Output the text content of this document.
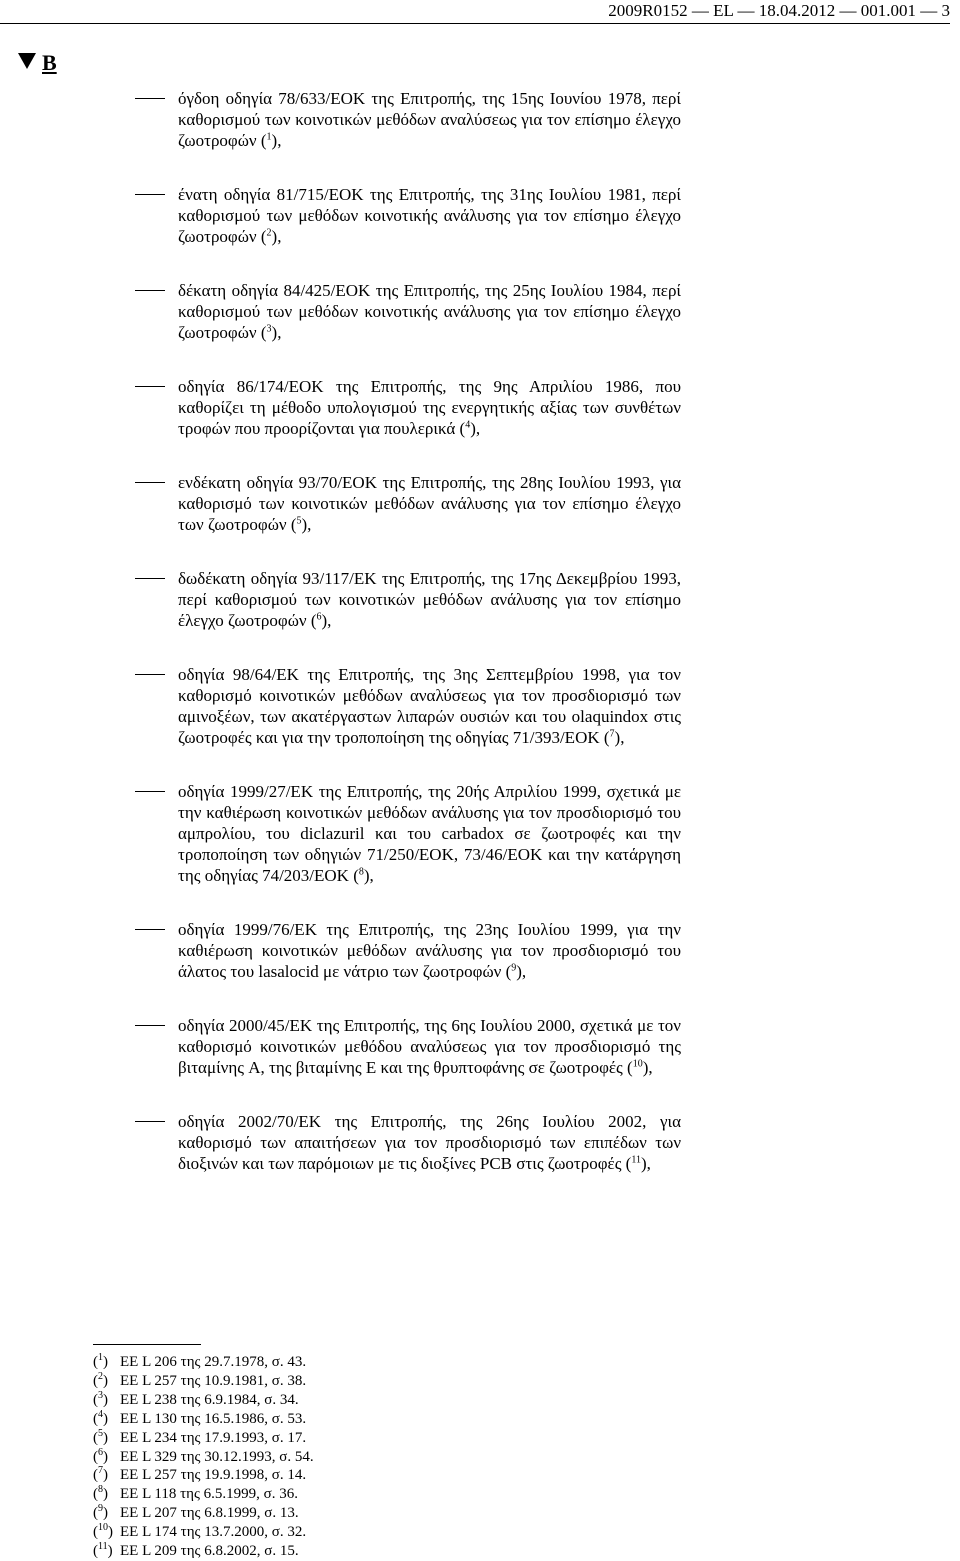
2009R0152 — EL — 18.04.2012 — 001.001 — 3
B
όγδοη οδηγία 78/633/ΕΟΚ της Επιτροπής, της 15ης Ιουνίου 1978, περί καθορισμού των κοινοτικών μεθόδων αναλύσεως για τον επίσημο έλεγχο ζωοτροφών ($^1$),
ένατη οδηγία 81/715/ΕΟΚ της Επιτροπής, της 31ης Ιουλίου 1981, περί καθορισμού των μεθόδων κοινοτικής ανάλυσης για τον επίσημο έλεγχο ζωοτροφών ($^2$),
δέκατη οδηγία 84/425/ΕΟΚ της Επιτροπής, της 25ης Ιουλίου 1984, περί καθορισμού των μεθόδων κοινοτικής ανάλυσης για τον επίσημο έλεγχο ζωοτροφών ($^3$),
οδηγία 86/174/ΕΟΚ της Επιτροπής, της 9ης Απριλίου 1986, που καθορίζει τη μέθοδο υπολογισμού της ενεργητικής αξίας των συνθέτων τροφών που προορίζονται για πουλερικά ($^4$),
ενδέκατη οδηγία 93/70/ΕΟΚ της Επιτροπής, της 28ης Ιουλίου 1993, για καθορισμό των κοινοτικών μεθόδων ανάλυσης για τον επίσημο έλεγχο των ζωοτροφών ($^5$),
δωδέκατη οδηγία 93/117/ΕΚ της Επιτροπής, της 17ης Δεκεμβρίου 1993, περί καθορισμού των κοινοτικών μεθόδων ανάλυσης για τον επίσημο έλεγχο ζωοτροφών ($^6$),
οδηγία 98/64/ΕΚ της Επιτροπής, της 3ης Σεπτεμβρίου 1998, για τον καθορισμό κοινοτικών μεθόδων αναλύσεως για τον προσδιορισμό των αμινοξέων, των ακατέργαστων λιπαρών ουσιών και του olaquindox στις ζωοτροφές και για την τροποποίηση της οδηγίας 71/393/ΕΟΚ ($^7$),
οδηγία 1999/27/ΕΚ της Επιτροπής, της 20ής Απριλίου 1999, σχετικά με την καθιέρωση κοινοτικών μεθόδων ανάλυσης για τον προσδιορισμό του αμπρολίου, του diclazuril και του carbadox σε ζωοτροφές και την τροποποίηση των οδηγιών 71/250/ΕΟΚ, 73/46/ΕΟΚ και την κατάργηση της οδηγίας 74/203/ΕΟΚ ($^8$),
οδηγία 1999/76/ΕΚ της Επιτροπής, της 23ης Ιουλίου 1999, για την καθιέρωση κοινοτικών μεθόδων ανάλυσης για τον προσδιορισμό του άλατος του lasalocid με νάτριο των ζωοτροφών ($^9$),
οδηγία 2000/45/ΕΚ της Επιτροπής, της 6ης Ιουλίου 2000, σχετικά με τον καθορισμό κοινοτικών μεθόδου αναλύσεως για τον προσδιορισμό της βιταμίνης A, της βιταμίνης E και της θρυπτοφάνης σε ζωοτροφές ($^{10}$),
οδηγία 2002/70/ΕΚ της Επιτροπής, της 26ης Ιουλίου 2002, για καθορισμό των απαιτήσεων για τον προσδιορισμό των επιπέδων των διοξινών και των παρόμοιων με τις διοξίνες PCB στις ζωοτροφές ($^{11}$),
($^1$) ΕΕ L 206 της 29.7.1978, σ. 43.
($^2$) ΕΕ L 257 της 10.9.1981, σ. 38.
($^3$) ΕΕ L 238 της 6.9.1984, σ. 34.
($^4$) ΕΕ L 130 της 16.5.1986, σ. 53.
($^5$) ΕΕ L 234 της 17.9.1993, σ. 17.
($^6$) ΕΕ L 329 της 30.12.1993, σ. 54.
($^7$) ΕΕ L 257 της 19.9.1998, σ. 14.
($^8$) ΕΕ L 118 της 6.5.1999, σ. 36.
($^9$) ΕΕ L 207 της 6.8.1999, σ. 13.
($^{10}$) ΕΕ L 174 της 13.7.2000, σ. 32.
($^{11}$) ΕΕ L 209 της 6.8.2002, σ. 15.
